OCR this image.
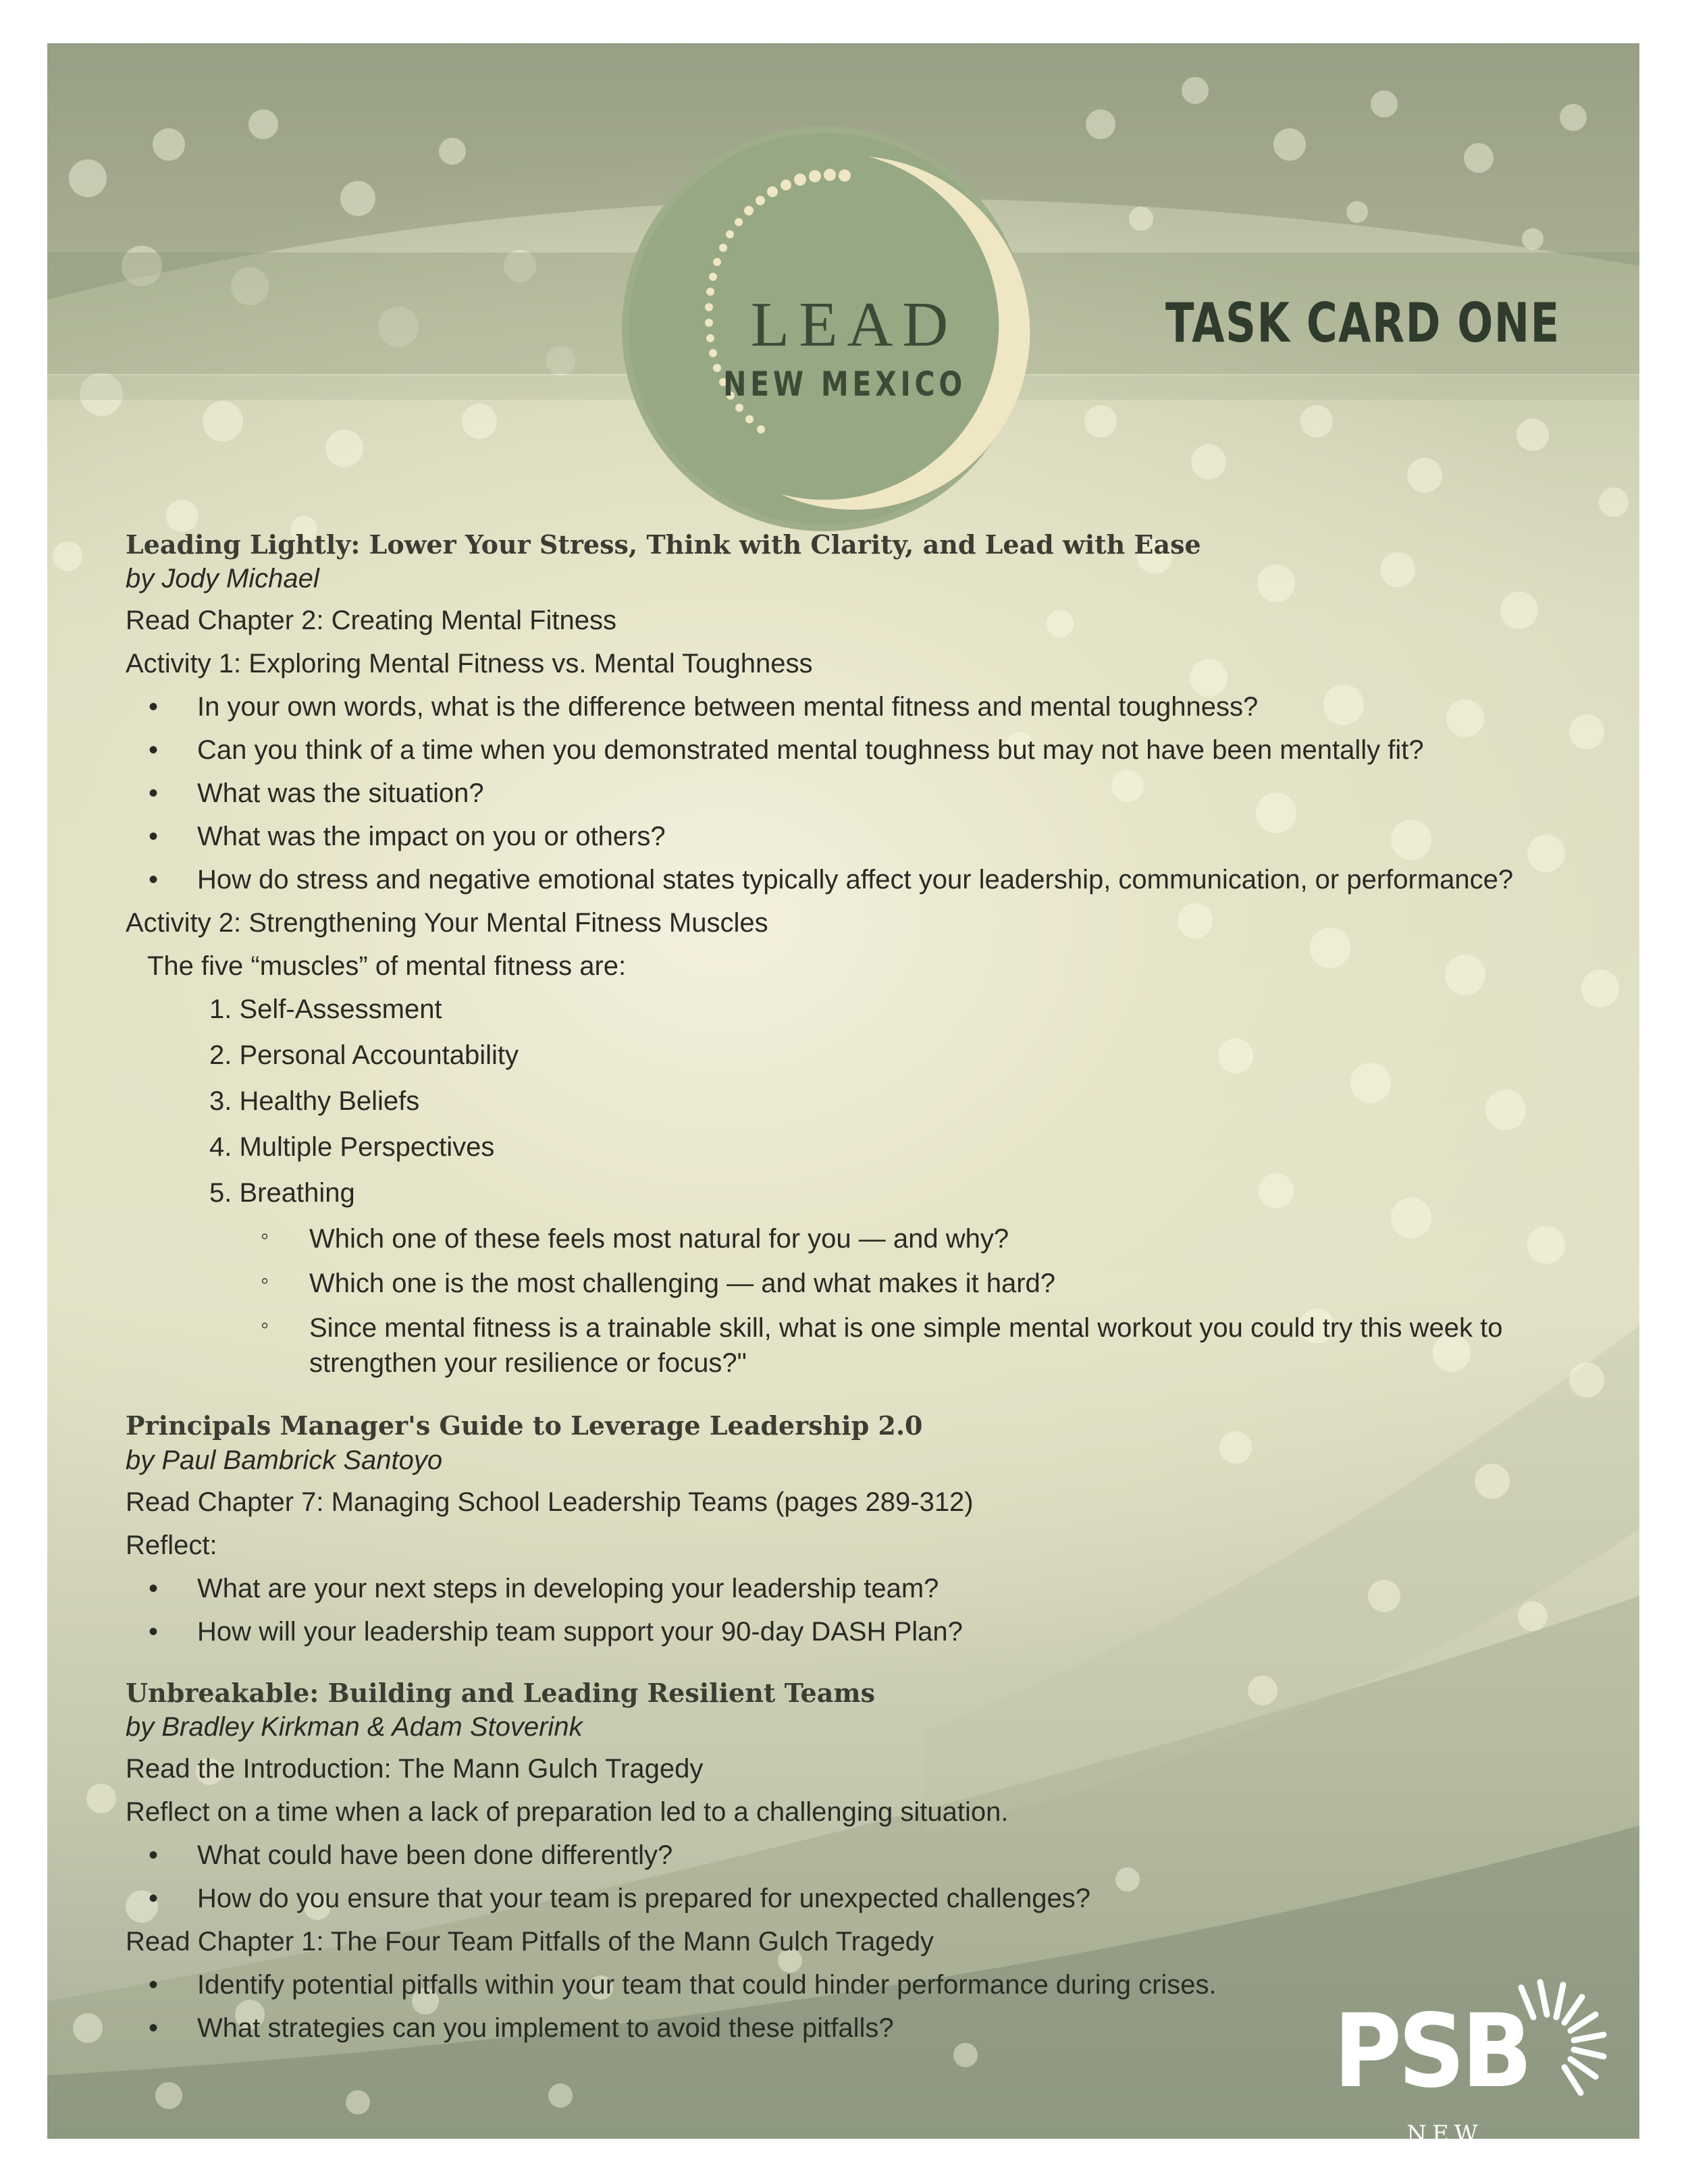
LEAD
NEW MEXICO
TASK CARD ONE

Leading Lightly: Lower Your Stress, Think with Clarity, and Lead with Ease

by Jody Michael

Read Chapter 2: Creating Mental Fitness

Activity 1: Exploring Mental Fitness vs. Mental Toughness

• In your own words, what is the difference between mental fitness and mental toughness?
• Can you think of a time when you demonstrated mental toughness but may not have been mentally fit?
• What was the situation?
• What was the impact on you or others?
• How do stress and negative emotional states typically affect your leadership, communication, or performance?

Activity 2: Strengthening Your Mental Fitness Muscles

The five “muscles” of mental fitness are:

1. Self-Assessment
2. Personal Accountability
3. Healthy Beliefs
4. Multiple Perspectives
5. Breathing
◦ Which one of these feels most natural for you — and why?
◦ Which one is the most challenging — and what makes it hard?
◦ Since mental fitness is a trainable skill, what is one simple mental workout you could try this week to strengthen your resilience or focus?"

Principals Manager's Guide to Leverage Leadership 2.0

by Paul Bambrick Santoyo

Read Chapter 7: Managing School Leadership Teams (pages 289-312)

Reflect:

• What are your next steps in developing your leadership team?
• How will your leadership team support your 90-day DASH Plan?

Unbreakable: Building and Leading Resilient Teams

by Bradley Kirkman & Adam Stoverink

Read the Introduction: The Mann Gulch Tragedy

Reflect on a time when a lack of preparation led to a challenging situation.

• What could have been done differently?
• How do you ensure that your team is prepared for unexpected challenges?

Read Chapter 1: The Four Team Pitfalls of the Mann Gulch Tragedy

• Identify potential pitfalls within your team that could hinder performance during crises.
• What strategies can you implement to avoid these pitfalls?	PSB
NEW MEXICO
